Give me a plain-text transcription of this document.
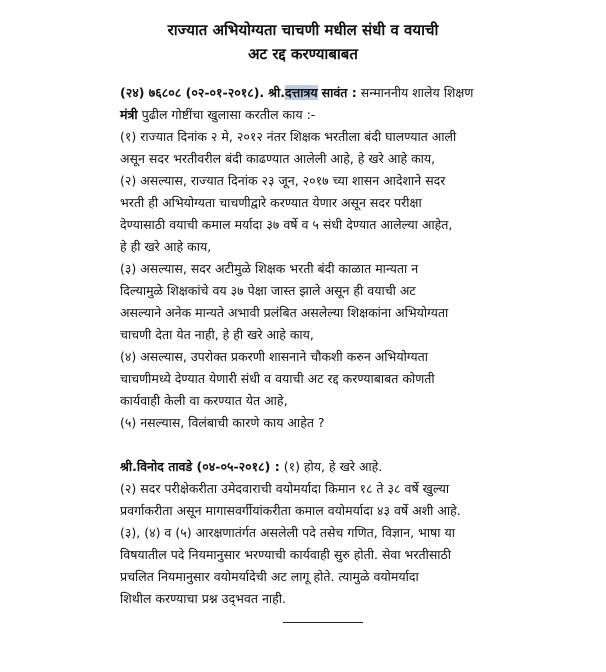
राज्यात अभियोग्यता चाचणी मधील संधी व वयाची
अट रद्द करण्याबाबत
(२४) ७६८०८ (०२-०१-२०१८). श्री.दत्तात्रय सावंत : सन्माननीय शालेय शिक्षण
मंत्री पुढील गोष्टींचा खुलासा करतील काय :-
(१) राज्यात दिनांक २ मे, २०१२ नंतर शिक्षक भरतीला बंदी घालण्यात आली
असून सदर भरतीवरील बंदी काढण्यात आलेली आहे, हे खरे आहे काय,
(२) असल्यास, राज्यात दिनांक २३ जून, २०१७ च्या शासन आदेशाने सदर
भरती ही अभियोग्यता चाचणीद्वारे करण्यात येणार असून सदर परीक्षा
देण्यासाठी वयाची कमाल मर्यादा ३७ वर्षे व ५ संधी देण्यात आलेल्या आहेत,
हे ही खरे आहे काय,
(३) असल्यास, सदर अटीमुळे शिक्षक भरती बंदी काळात मान्यता न
दिल्यामुळे शिक्षकांचे वय ३७ पेक्षा जास्त झाले असून ही वयाची अट
असल्याने अनेक मान्यते अभावी प्रलंबित असलेल्या शिक्षकांना अभियोग्यता
चाचणी देता येत नाही, हे ही खरे आहे काय,
(४) असल्यास, उपरोक्त प्रकरणी शासनाने चौकशी करुन अभियोग्यता
चाचणीमध्ये देण्यात येणारी संधी व वयाची अट रद्द करण्याबाबत कोणती
कार्यवाही केली वा करण्यात येत आहे,
(५) नसल्यास, विलंबाची कारणे काय आहेत ?
श्री.विनोद तावडे (०४-०५-२०१८) : (१) होय, हे खरे आहे.
(२) सदर परीक्षेकरीता उमेदवाराची वयोमर्यादा किमान १८ ते ३८ वर्षे खुल्या
प्रवर्गाकरीता असून मागासवर्गीयांकरीता कमाल वयोमर्यादा ४३ वर्षे अशी आहे.
(३), (४) व (५) आरक्षणातंर्गत असलेली पदे तसेच गणित, विज्ञान, भाषा या
विषयातील पदे नियमानुसार भरण्याची कार्यवाही सुरु होती. सेवा भरतीसाठी
प्रचलित नियमानुसार वयोमर्यादेची अट लागू होते. त्यामुळे वयोमर्यादा
शिथील करण्याचा प्रश्न उद्‌भवत नाही.
